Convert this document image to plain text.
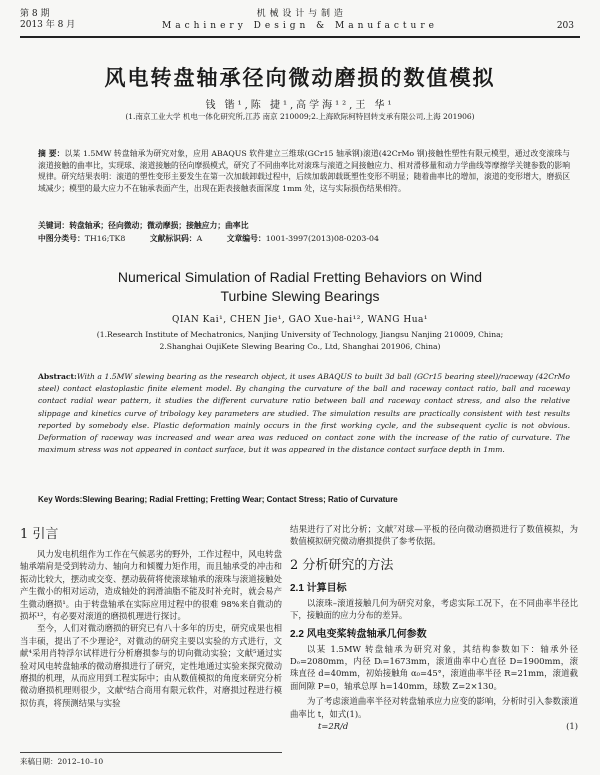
第 8 期
2013 年 8 月
机 械 设 计 与 制 造
Machinery Design & Manufacture	203
风电转盘轴承径向微动磨损的数值模拟
钱 锴¹,陈 捷¹,高学海¹²,王 华¹
(1.南京工业大学 机电一体化研究所,江苏 南京 210009;2.上海欧际柯特回转支承有限公司,上海 201906)
摘 要：以某 1.5MW 转盘轴承为研究对象，应用 ABAQUS 软件建立三维球(GCr15 轴承钢)滚道(42CrMo 钢)接触性塑性有限元模型，通过改变滚珠与滚道接触的曲率比，实现球、滚道接触的径向摩损模式，研究了不同曲率比对滚珠与滚道之间接触应力、相对滑移量和动力学曲线等摩擦学关键参数的影响规律。研究结果表明：滚道的塑性变形主要发生在第一次加载卸载过程中，后续加载卸载既塑性变形不明显；随着曲率比的增加，滚道的变形增大，磨损区域减少；模型的最大应力不在轴承表面产生，出现在距表接触表面深度 1mm 处，这与实际损伤结果相符。
关键词：转盘轴承；径向微动；微动摩损；接触应力；曲率比
中图分类号：TH16;TK8	文献标识码：A	文章编号：1001-3997(2013)08-0203-04
Numerical Simulation of Radial Fretting Behaviors on Wind
Turbine Slewing Bearings
QIAN Kai¹, CHEN Jie¹, GAO Xue-hai¹², WANG Hua¹
(1.Research Institute of Mechatronics, Nanjing University of Technology, Jiangsu Nanjing 210009, China;
2.Shanghai OujiKete Slewing Bearing Co., Ltd, Shanghai 201906, China)
Abstract:With a 1.5MW slewing bearing as the research object, it uses ABAQUS to built 3d ball (GCr15 bearing steel)/raceway (42CrMo steel) contact elastoplastic finite element model. By changing the curvature of the ball and raceway contact ratio, ball and raceway contact radial wear pattern, it studies the different curvature ratio between ball and raceway contact stress, and also the relative slippage and kinetics curve of tribology key parameters are studied. The simulation results are practically consistent with test results reported by somebody else. Plastic deformation mainly occurs in the first working cycle, and the subsequent cyclic is not obvious. Deformation of raceway was increased and wear area was reduced on contact zone with the increase of the ratio of curvature. The maximum stress was not appeared in contact surface, but it was appeared in the distance contact surface depth in 1mm.
Key Words:Slewing Bearing; Radial Fretting; Fretting Wear; Contact Stress; Ratio of Curvature
1 引言

风力发电机组作为工作在气候恶劣的野外，工作过程中，风电转盘轴承端肩是受到转动力、轴向力和倾覆力矩作用，而且轴承受的冲击和振动比较大，摆动或交变、摆动载荷将使滚球轴承的滚珠与滚道接触处产生微小的相对运动，造成轴处的润滑油脂不能及时补充时，就会易产生微动磨损¹。由于转盘轴承在实际应用过程中的很难 98%来自微动的损坏¹²，有必要对滚道的磨损机理进行探讨。

至今，人们对微动磨损的研究已有八十多年的历史，研究成果也相当丰硕，提出了不少理论²，对微动的研究主要以实验的方式进行，文献⁴采用肖特浮尔试样进行分析磨损参与的切向微动实验；文献⁵通过实验对风电转盘轴承的微动磨损进行了研究，定性地通过实验来探究微动磨损的机理，从而应用到工程实际中；由从数值模拟的角度来研究分析微动磨损机理则很少，文献⁶结合商用有限元软件，对磨损过程进行模拟仿真，将预测结果与实验

结果进行了对比分析；文献⁷对球—平板的径向微动磨损进行了数值模拟，为数值模拟研究微动磨损提供了参考依据。

2 分析研究的方法
2.1 计算目标

以滚珠–滚道接触几何为研究对象，考虑实际工况下，在不同曲率半径比下，接触面的应力分布的差异。

2.2 风电变桨转盘轴承几何参数

以某 1.5MW 转盘轴承为研究对象，其结构参数如下：轴承外径 Dₒ=2080mm，内径 Dᵢ=1673mm，滚道曲率中心直径 D=1900mm，滚珠直径 d=40mm，初始接触角 α₀=45°，滚道曲率半径 R=21mm，滚道截面间隙 P=0，轴承总厚 h=140mm，球数 Z=2×130。

为了考虑滚道曲率半径对转盘轴承应力应变的影响，分析时引入参数滚道曲率比 t，如式(1)。

t=2R/d	(1)
来稿日期：2012–10–10
